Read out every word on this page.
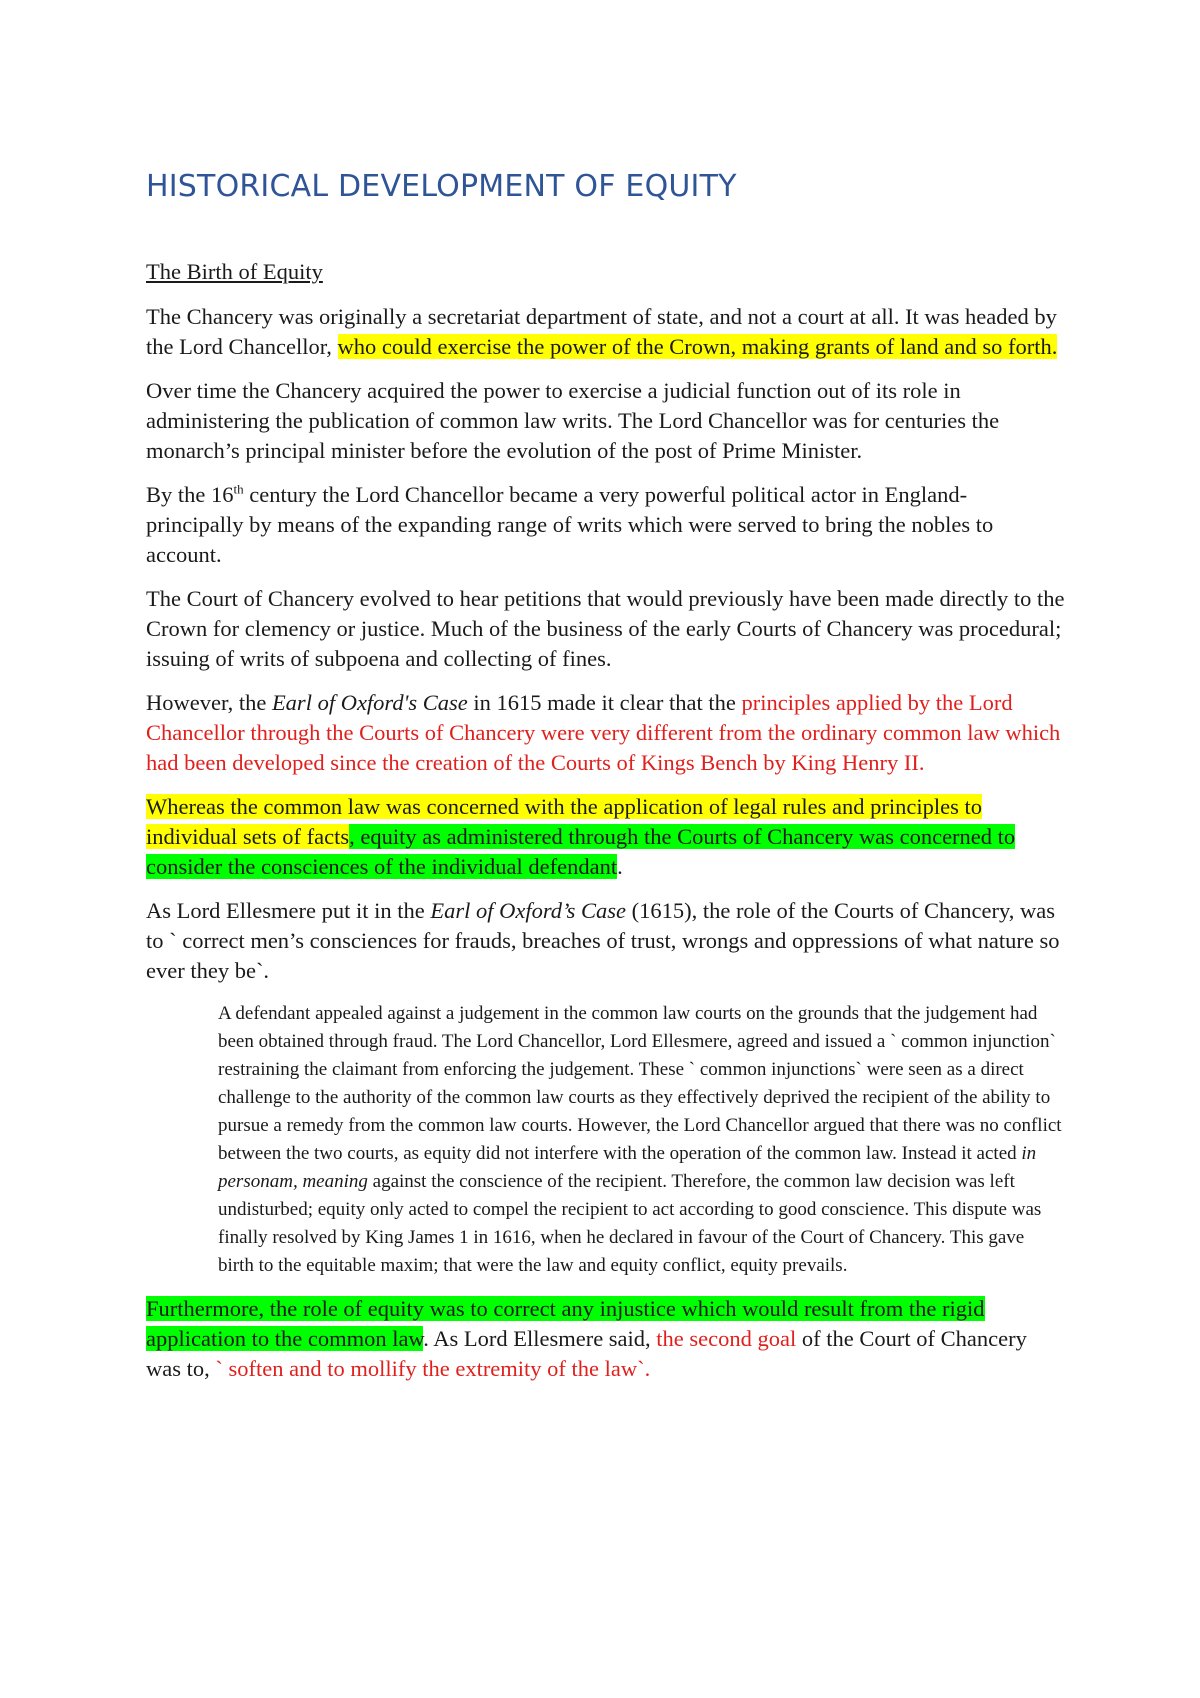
HISTORICAL DEVELOPMENT OF EQUITY
The Birth of Equity

The Chancery was originally a secretariat department of state, and not a court at all. It was headed by the Lord Chancellor, who could exercise the power of the Crown, making grants of land and so forth.

Over time the Chancery acquired the power to exercise a judicial function out of its role in administering the publication of common law writs. The Lord Chancellor was for centuries the monarch’s principal minister before the evolution of the post of Prime Minister.

By the 16th century the Lord Chancellor became a very powerful political actor in England- principally by means of the expanding range of writs which were served to bring the nobles to account.

The Court of Chancery evolved to hear petitions that would previously have been made directly to the Crown for clemency or justice. Much of the business of the early Courts of Chancery was procedural; issuing of writs of subpoena and collecting of fines.

However, the Earl of Oxford's Case in 1615 made it clear that the principles applied by the Lord Chancellor through the Courts of Chancery were very different from the ordinary common law which had been developed since the creation of the Courts of Kings Bench by King Henry II.

Whereas the common law was concerned with the application of legal rules and principles to individual sets of facts, equity as administered through the Courts of Chancery was concerned to consider the consciences of the individual defendant.

As Lord Ellesmere put it in the Earl of Oxford’s Case (1615), the role of the Courts of Chancery, was to ` correct men’s consciences for frauds, breaches of trust, wrongs and oppressions of what nature so ever they be`.

A defendant appealed against a judgement in the common law courts on the grounds that the judgement had been obtained through fraud. The Lord Chancellor, Lord Ellesmere, agreed and issued a ` common injunction` restraining the claimant from enforcing the judgement. These ` common injunctions` were seen as a direct challenge to the authority of the common law courts as they effectively deprived the recipient of the ability to pursue a remedy from the common law courts. However, the Lord Chancellor argued that there was no conflict between the two courts, as equity did not interfere with the operation of the common law. Instead it acted in personam, meaning against the conscience of the recipient. Therefore, the common law decision was left undisturbed; equity only acted to compel the recipient to act according to good conscience. This dispute was finally resolved by King James 1 in 1616, when he declared in favour of the Court of Chancery. This gave birth to the equitable maxim; that were the law and equity conflict, equity prevails.

Furthermore, the role of equity was to correct any injustice which would result from the rigid application to the common law. As Lord Ellesmere said, the second goal of the Court of Chancery was to, ` soften and to mollify the extremity of the law`.
